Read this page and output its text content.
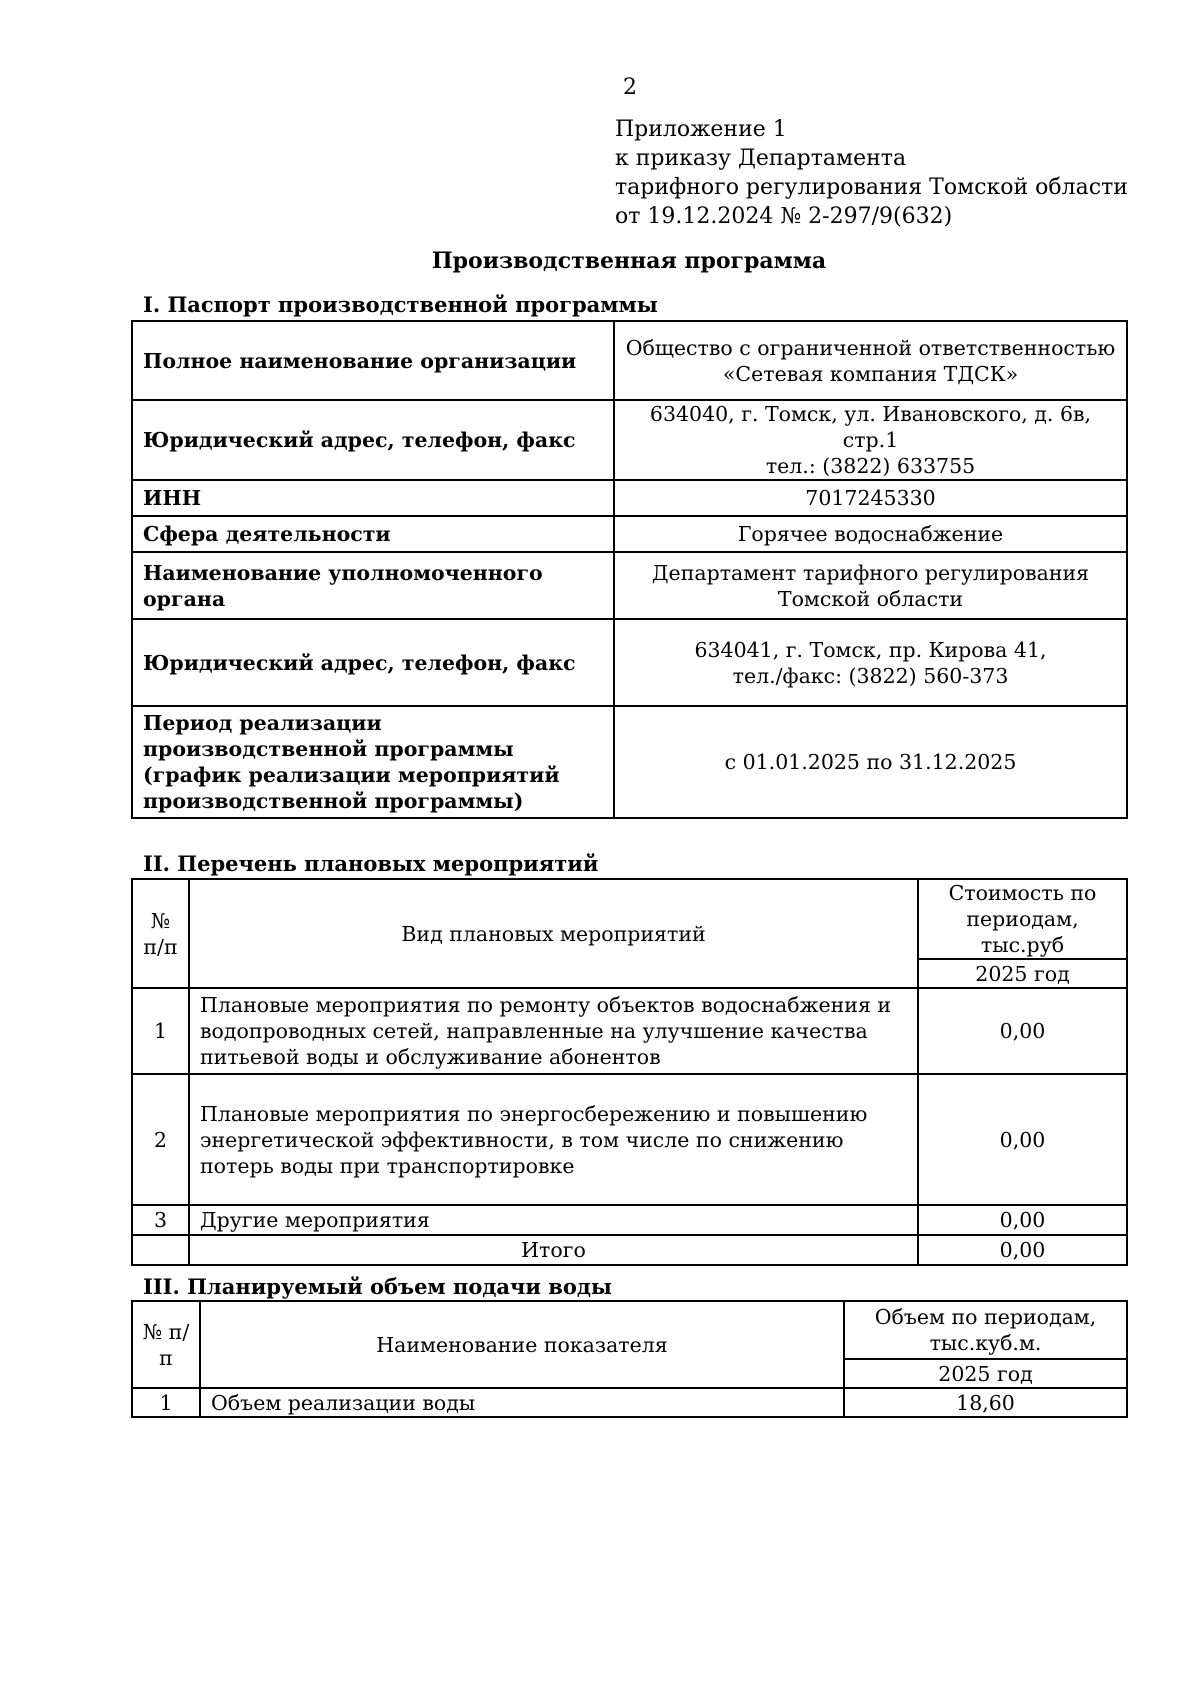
2
Приложение 1
к приказу Департамента
тарифного регулирования Томской области
от 19.12.2024 № 2-297/9(632)
Производственная программа
I. Паспорт производственной программы
Полное наименование организации	Общество с ограниченной ответственностью
«Сетевая компания ТДСК»

Юридический адрес, телефон, факс	634040, г. Томск, ул. Ивановского, д. 6в, стр.1
тел.: (3822) 633755

ИНН	7017245330

Сфера деятельности	Горячее водоснабжение

Наименование уполномоченного органа	Департамент тарифного регулирования
Томской области

Юридический адрес, телефон, факс	634041, г. Томск, пр. Кирова 41,
тел./факс: (3822) 560-373

Период реализации производственной программы (график реализации мероприятий производственной программы)	с 01.01.2025 по 31.12.2025
II. Перечень плановых мероприятий
№ п/п	Вид плановых мероприятий	Стоимость по периодам, тыс.руб
		2025 год
1	Плановые мероприятия по ремонту объектов водоснабжения и водопроводных сетей, направленные на улучшение качества питьевой воды и обслуживание абонентов	0,00
2	Плановые мероприятия по энергосбережению и повышению энергетической эффективности, в том числе по снижению потерь воды при транспортировке	0,00
3	Другие мероприятия	0,00
	Итого	0,00
III. Планируемый объем подачи воды
№ п/п	Наименование показателя	Объем по периодам, тыс.куб.м.
		2025 год
1	Объем реализации воды	18,60
